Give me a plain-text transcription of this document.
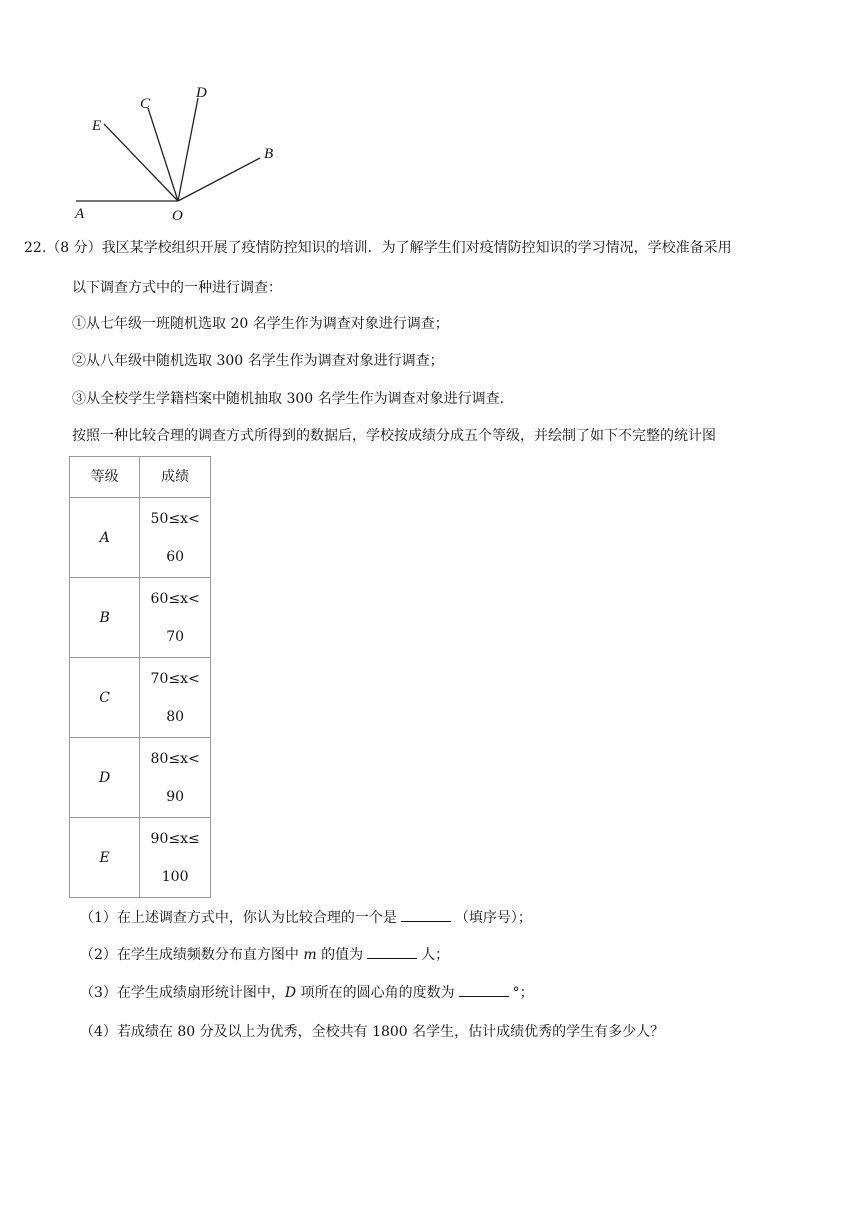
A	O
B
C
D
E
22.（8 分）我区某学校组织开展了疫情防控知识的培训．为了解学生们对疫情防控知识的学习情况，学校准备采用
以下调查方式中的一种进行调查：
①从七年级一班随机选取 20 名学生作为调查对象进行调查；
②从八年级中随机选取 300 名学生作为调查对象进行调查；
③从全校学生学籍档案中随机抽取 300 名学生作为调查对象进行调查．
按照一种比较合理的调查方式所得到的数据后，学校按成绩分成五个等级，并绘制了如下不完整的统计图
等级	成绩
A	50≤x<
60

B	60≤x<
70

C	70≤x<
80

D	80≤x<
90

E	90≤x≤
100
（1）在上述调查方式中，你认为比较合理的一个是	（填序号）；
（2）在学生成绩频数分布直方图中 m 的值为	人；
（3）在学生成绩扇形统计图中，D 项所在的圆心角的度数为	°；
（4）若成绩在 80 分及以上为优秀，全校共有 1800 名学生，估计成绩优秀的学生有多少人？
